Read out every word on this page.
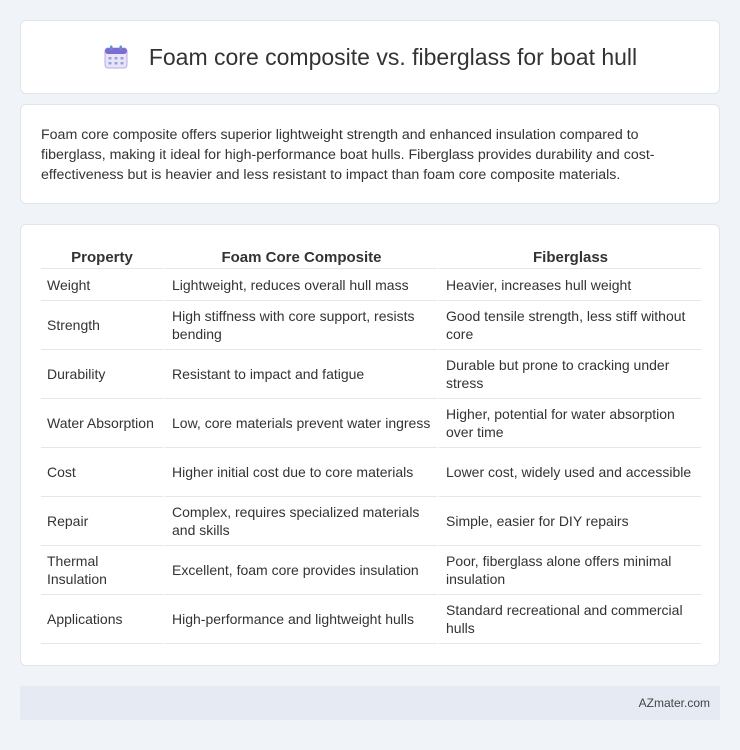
Foam core composite vs. fiberglass for boat hull

Foam core composite offers superior lightweight strength and enhanced insulation compared to fiberglass, making it ideal for high-performance boat hulls. Fiberglass provides durability and cost-effectiveness but is heavier and less resistant to impact than foam core composite materials.

Property	Foam Core Composite	Fiberglass
Weight	Lightweight, reduces overall hull mass	Heavier, increases hull weight
Strength	High stiffness with core support, resists bending	Good tensile strength, less stiff without core
Durability	Resistant to impact and fatigue	Durable but prone to cracking under stress
Water Absorption	Low, core materials prevent water ingress	Higher, potential for water absorption over time
Cost	Higher initial cost due to core materials	Lower cost, widely used and accessible
Repair	Complex, requires specialized materials and skills	Simple, easier for DIY repairs
Thermal Insulation	Excellent, foam core provides insulation	Poor, fiberglass alone offers minimal insulation
Applications	High-performance and lightweight hulls	Standard recreational and commercial hulls
AZmater.com
